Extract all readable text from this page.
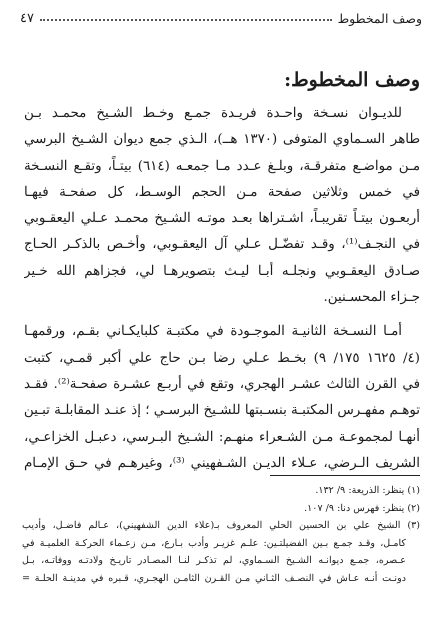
وصف المخطوط
٤٧
وصف المخطوط:

للديـوان نسـخة واحـدة فريـدة جمـع وخـط الشـيخ محمـد بـن

طاهر السـماوي المتوفى (١٣٧٠ هــ)، الـذي جمع ديوان الشـيخ البرسي

مـن مواضـع متفرقـة، وبلـغ عـدد مـا جمعـه (٦١٤) بيتـاً، وتقـع النسـخة

في خمس وثلاثين صفحة مـن الحجم الوسـط، كل صفحـة فيهـا

أربعـون بيتـاً تقريبـاً، اشـتراها بعـد موتـه الشـيخ محمـد عـلي اليعقـوبي

في النجـف⁽¹⁾، وقـد تفضّـل عـلي آل اليعقـوبي، وأخـص بالذكـر الحـاج

صـادق اليعقـوبي ونجلـه أبـا ليـث بتصويرهـا لي، فجزاهم الله خـير

جـزاء المحسـنين.

أمـا النسـخة الثانيـة الموجـودة في مكتبـة كلبايكـاني بقـم، ورقمهـا

(٤/ ١٦٢٥ ١٧٥/ ٩) بخـط عـلي رضا بـن حاج علي أكبر قمـي، كتبت

في القرن الثالث عشـر الهجري، وتقع في أربـع عشـرة صفحـة⁽²⁾. فقـد

توهـم مفهـرس المكتبـة بنسـبتها للشـيخ البرسـي ؛ إذ عنـد المقابلـة تبـين

أنهـا لمجموعـة مـن الشـعراء منهـم: الشـيخ البـرسي، دعبـل الخزاعـي،

الشريف الـرضي، عـلاء الديـن الشـفهيني ⁽³⁾، وغيرهـم في حـق الإمـام

(١) ينظر: الذريعة: ٩/ ١٣٢.

(٢) ينظر: فهرس دنا: ٩/ ١٠٧.

(٣) الشيخ علي بن الحسين الحلي المعروف بـ(علاء الدين الشفهيني)، عـالم فاضـل، وأديب

كامـل، وقـد جمـع بـين الفضيلتـين: علـم غزيـر وأدب بـارع، مـن زعـماء الحركـة العلميـة في

عـصره، جمـع ديوانـه الشـيخ السـماوي، لم تذكـر لنـا المصـادر تاريـخ ولادتـه ووفاتـه، بـل

دونـت أنـه عـاش في النصـف الثـاني مـن القـرن الثامـن الهجـري، قـبره في مدينـة الحلـة =
